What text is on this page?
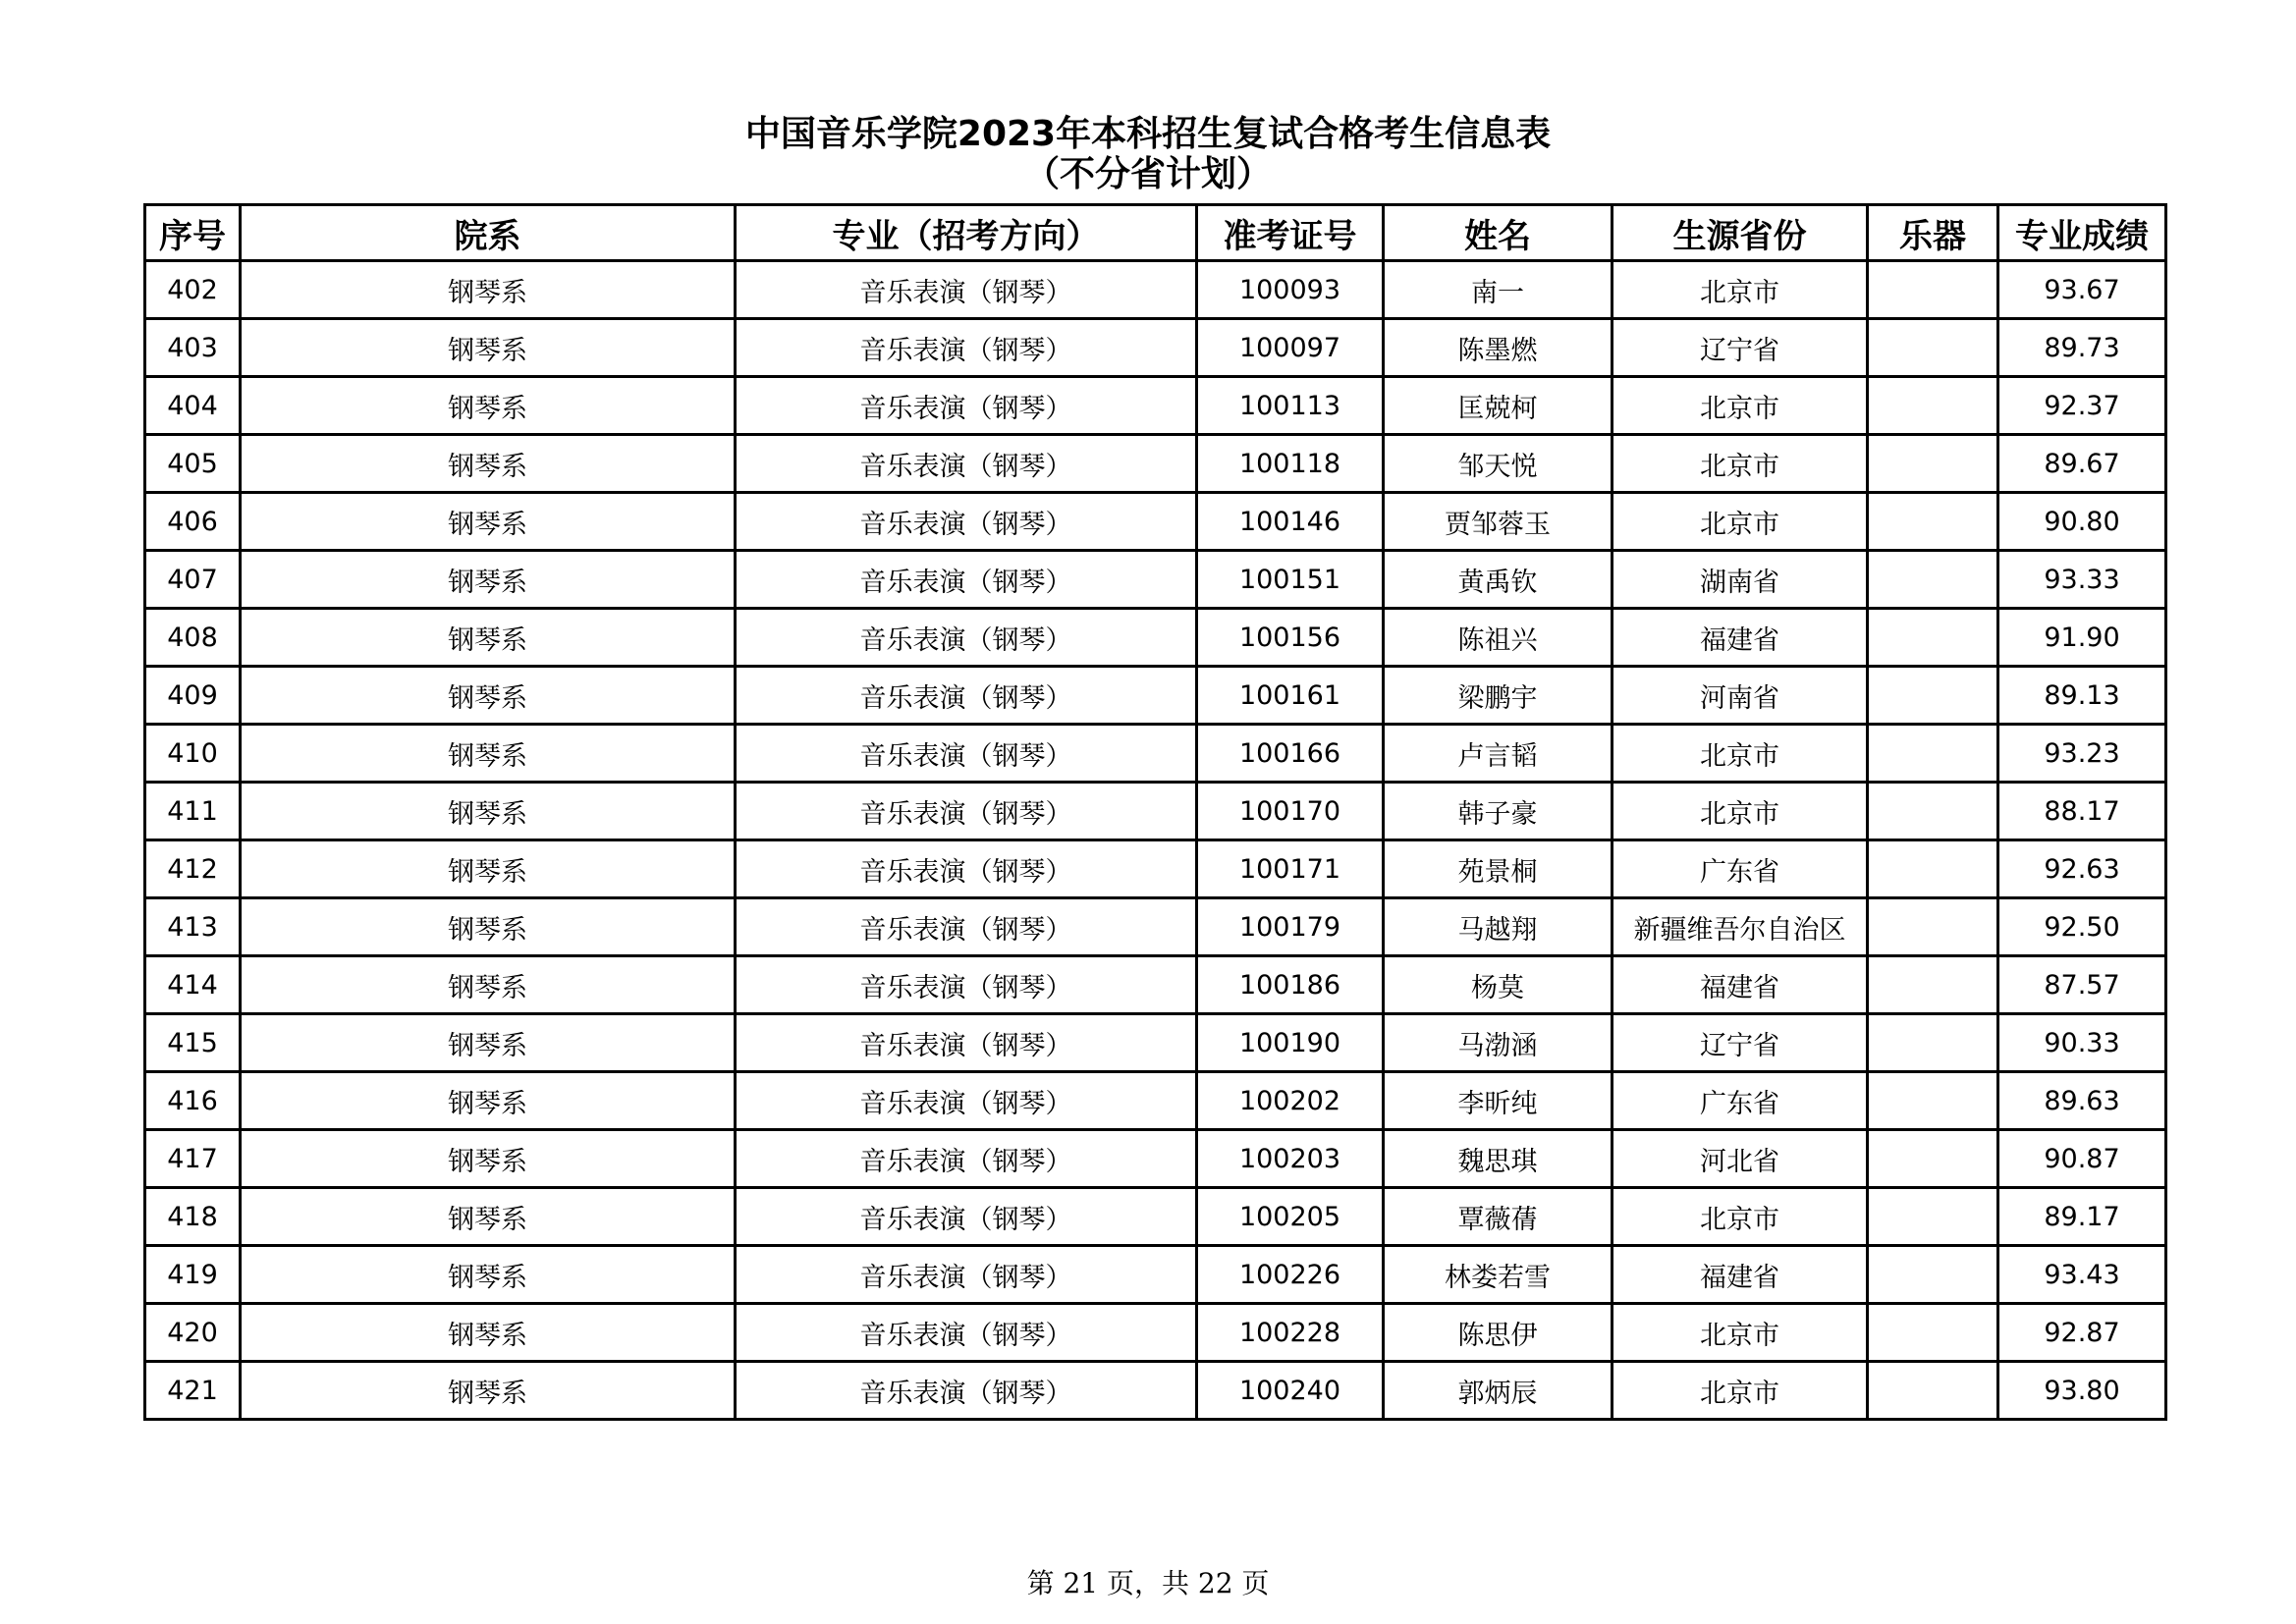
中国音乐学院2023年本科招生复试合格考生信息表
（不分省计划）
序号	院系	专业（招考方向）	准考证号	姓名	生源省份	乐器	专业成绩
402	钢琴系	音乐表演（钢琴）	100093	南一	北京市		93.67
403	钢琴系	音乐表演（钢琴）	100097	陈墨燃	辽宁省		89.73
404	钢琴系	音乐表演（钢琴）	100113	匡兢柯	北京市		92.37
405	钢琴系	音乐表演（钢琴）	100118	邹天悦	北京市		89.67
406	钢琴系	音乐表演（钢琴）	100146	贾邹蓉玉	北京市		90.80
407	钢琴系	音乐表演（钢琴）	100151	黄禹钦	湖南省		93.33
408	钢琴系	音乐表演（钢琴）	100156	陈祖兴	福建省		91.90
409	钢琴系	音乐表演（钢琴）	100161	梁鹏宇	河南省		89.13
410	钢琴系	音乐表演（钢琴）	100166	卢言韬	北京市		93.23
411	钢琴系	音乐表演（钢琴）	100170	韩子豪	北京市		88.17
412	钢琴系	音乐表演（钢琴）	100171	苑景桐	广东省		92.63
413	钢琴系	音乐表演（钢琴）	100179	马越翔	新疆维吾尔自治区		92.50
414	钢琴系	音乐表演（钢琴）	100186	杨莫	福建省		87.57
415	钢琴系	音乐表演（钢琴）	100190	马渤涵	辽宁省		90.33
416	钢琴系	音乐表演（钢琴）	100202	李昕纯	广东省		89.63
417	钢琴系	音乐表演（钢琴）	100203	魏思琪	河北省		90.87
418	钢琴系	音乐表演（钢琴）	100205	覃薇蒨	北京市		89.17
419	钢琴系	音乐表演（钢琴）	100226	林娄若雪	福建省		93.43
420	钢琴系	音乐表演（钢琴）	100228	陈思伊	北京市		92.87
421	钢琴系	音乐表演（钢琴）	100240	郭炳辰	北京市		93.80
第 21 页，共 22 页
